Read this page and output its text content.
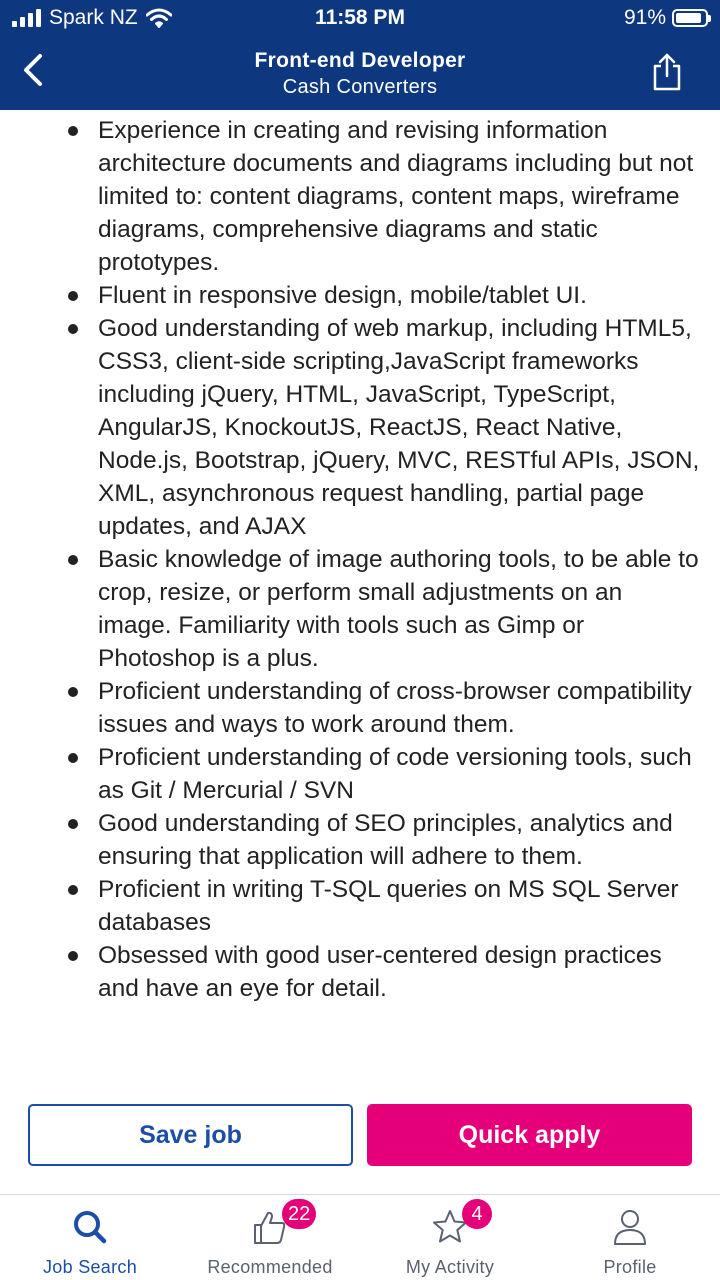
Experience in creating and revising information architecture documents and diagrams including but not limited to: content diagrams, content maps, wireframe diagrams, comprehensive diagrams and static prototypes.
Fluent in responsive design, mobile/tablet UI.
Good understanding of web markup, including HTML5, CSS3, client-side scripting,JavaScript frameworks including jQuery, HTML, JavaScript, TypeScript, AngularJS, KnockoutJS, ReactJS, React Native, Node.js, Bootstrap, jQuery, MVC, RESTful APIs, JSON, XML, asynchronous request handling, partial page updates, and AJAX
Basic knowledge of image authoring tools, to be able to crop, resize, or perform small adjustments on an image. Familiarity with tools such as Gimp or Photoshop is a plus.
Proficient understanding of cross-browser compatibility issues and ways to work around them.
Proficient understanding of code versioning tools, such as Git / Mercurial / SVN
Good understanding of SEO principles, analytics and ensuring that application will adhere to them.
Proficient in writing T-SQL queries on MS SQL Server databases
Obsessed with good user-centered design practices and have an eye for detail.
Spark NZ	11:58 PM	91%
Front-end Developer
Cash Converters
Save job	Quick apply
Job Search
22
Recommended
4
My Activity	Profile
